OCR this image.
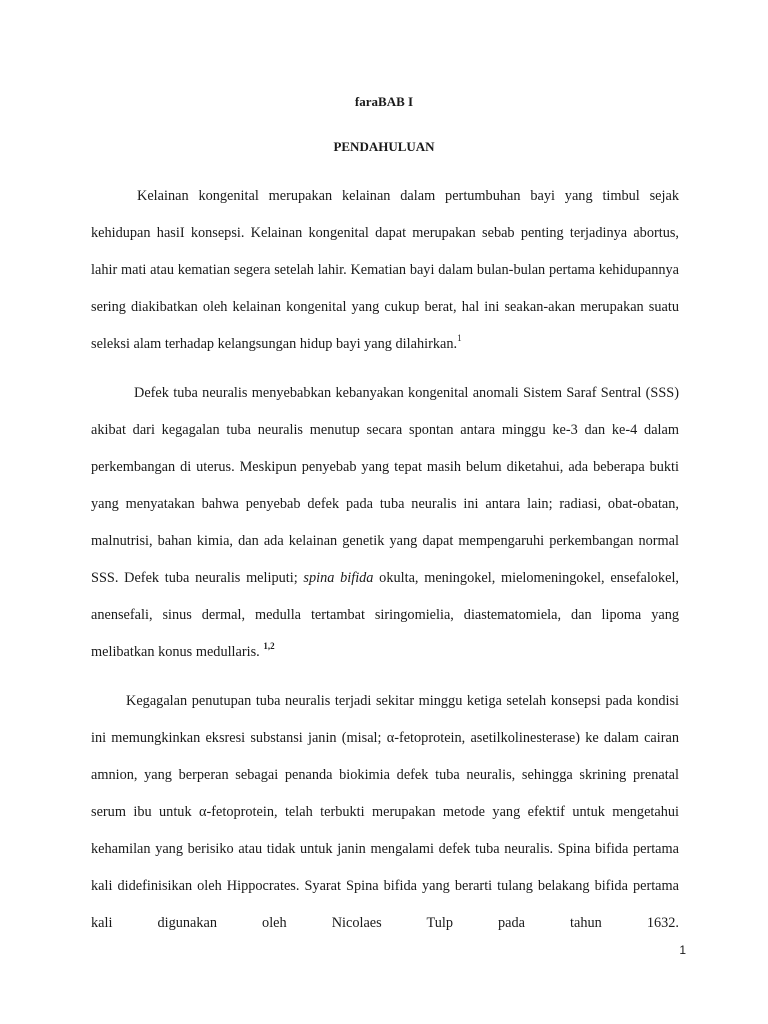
faraBAB I

PENDAHULUAN

Kelainan kongenital merupakan kelainan dalam pertumbuhan bayi yang timbul sejak kehidupan hasiI konsepsi. Kelainan kongenital dapat merupakan sebab penting terjadinya abortus, lahir mati atau kematian segera setelah lahir. Kematian bayi dalam bulan-bulan pertama kehidupannya sering diakibatkan oleh kelainan kongenital yang cukup berat, hal ini seakan-akan merupakan suatu seleksi alam terhadap kelangsungan hidup bayi yang dilahirkan.$^1$

Defek tuba neuralis menyebabkan kebanyakan kongenital anomali Sistem Saraf Sentral (SSS) akibat dari kegagalan tuba neuralis menutup secara spontan antara minggu ke-3 dan ke-4 dalam perkembangan di uterus. Meskipun penyebab yang tepat masih belum diketahui, ada beberapa bukti yang menyatakan bahwa penyebab defek pada tuba neuralis ini antara lain; radiasi, obat-obatan, malnutrisi, bahan kimia, dan ada kelainan genetik yang dapat mempengaruhi perkembangan normal SSS. Defek tuba neuralis meliputi; spina bifida okulta, meningokel, mielomeningokel, ensefalokel, anensefali, sinus dermal, medulla tertambat siringomielia, diastematomiela, dan lipoma yang melibatkan konus medullaris. $^{1,2}$

Kegagalan penutupan tuba neuralis terjadi sekitar minggu ketiga setelah konsepsi pada kondisi ini memungkinkan eksresi substansi janin (misal; α-fetoprotein, asetilkolinesterase) ke dalam cairan amnion, yang berperan sebagai penanda biokimia defek tuba neuralis, sehingga skrining prenatal serum ibu untuk α-fetoprotein, telah terbukti merupakan metode yang efektif untuk mengetahui kehamilan yang berisiko atau tidak untuk janin mengalami defek tuba neuralis. Spina bifida pertama kali didefinisikan oleh Hippocrates. Syarat Spina bifida yang berarti tulang belakang bifida pertama kali digunakan oleh Nicolaes Tulp pada tahun 1632.

1
